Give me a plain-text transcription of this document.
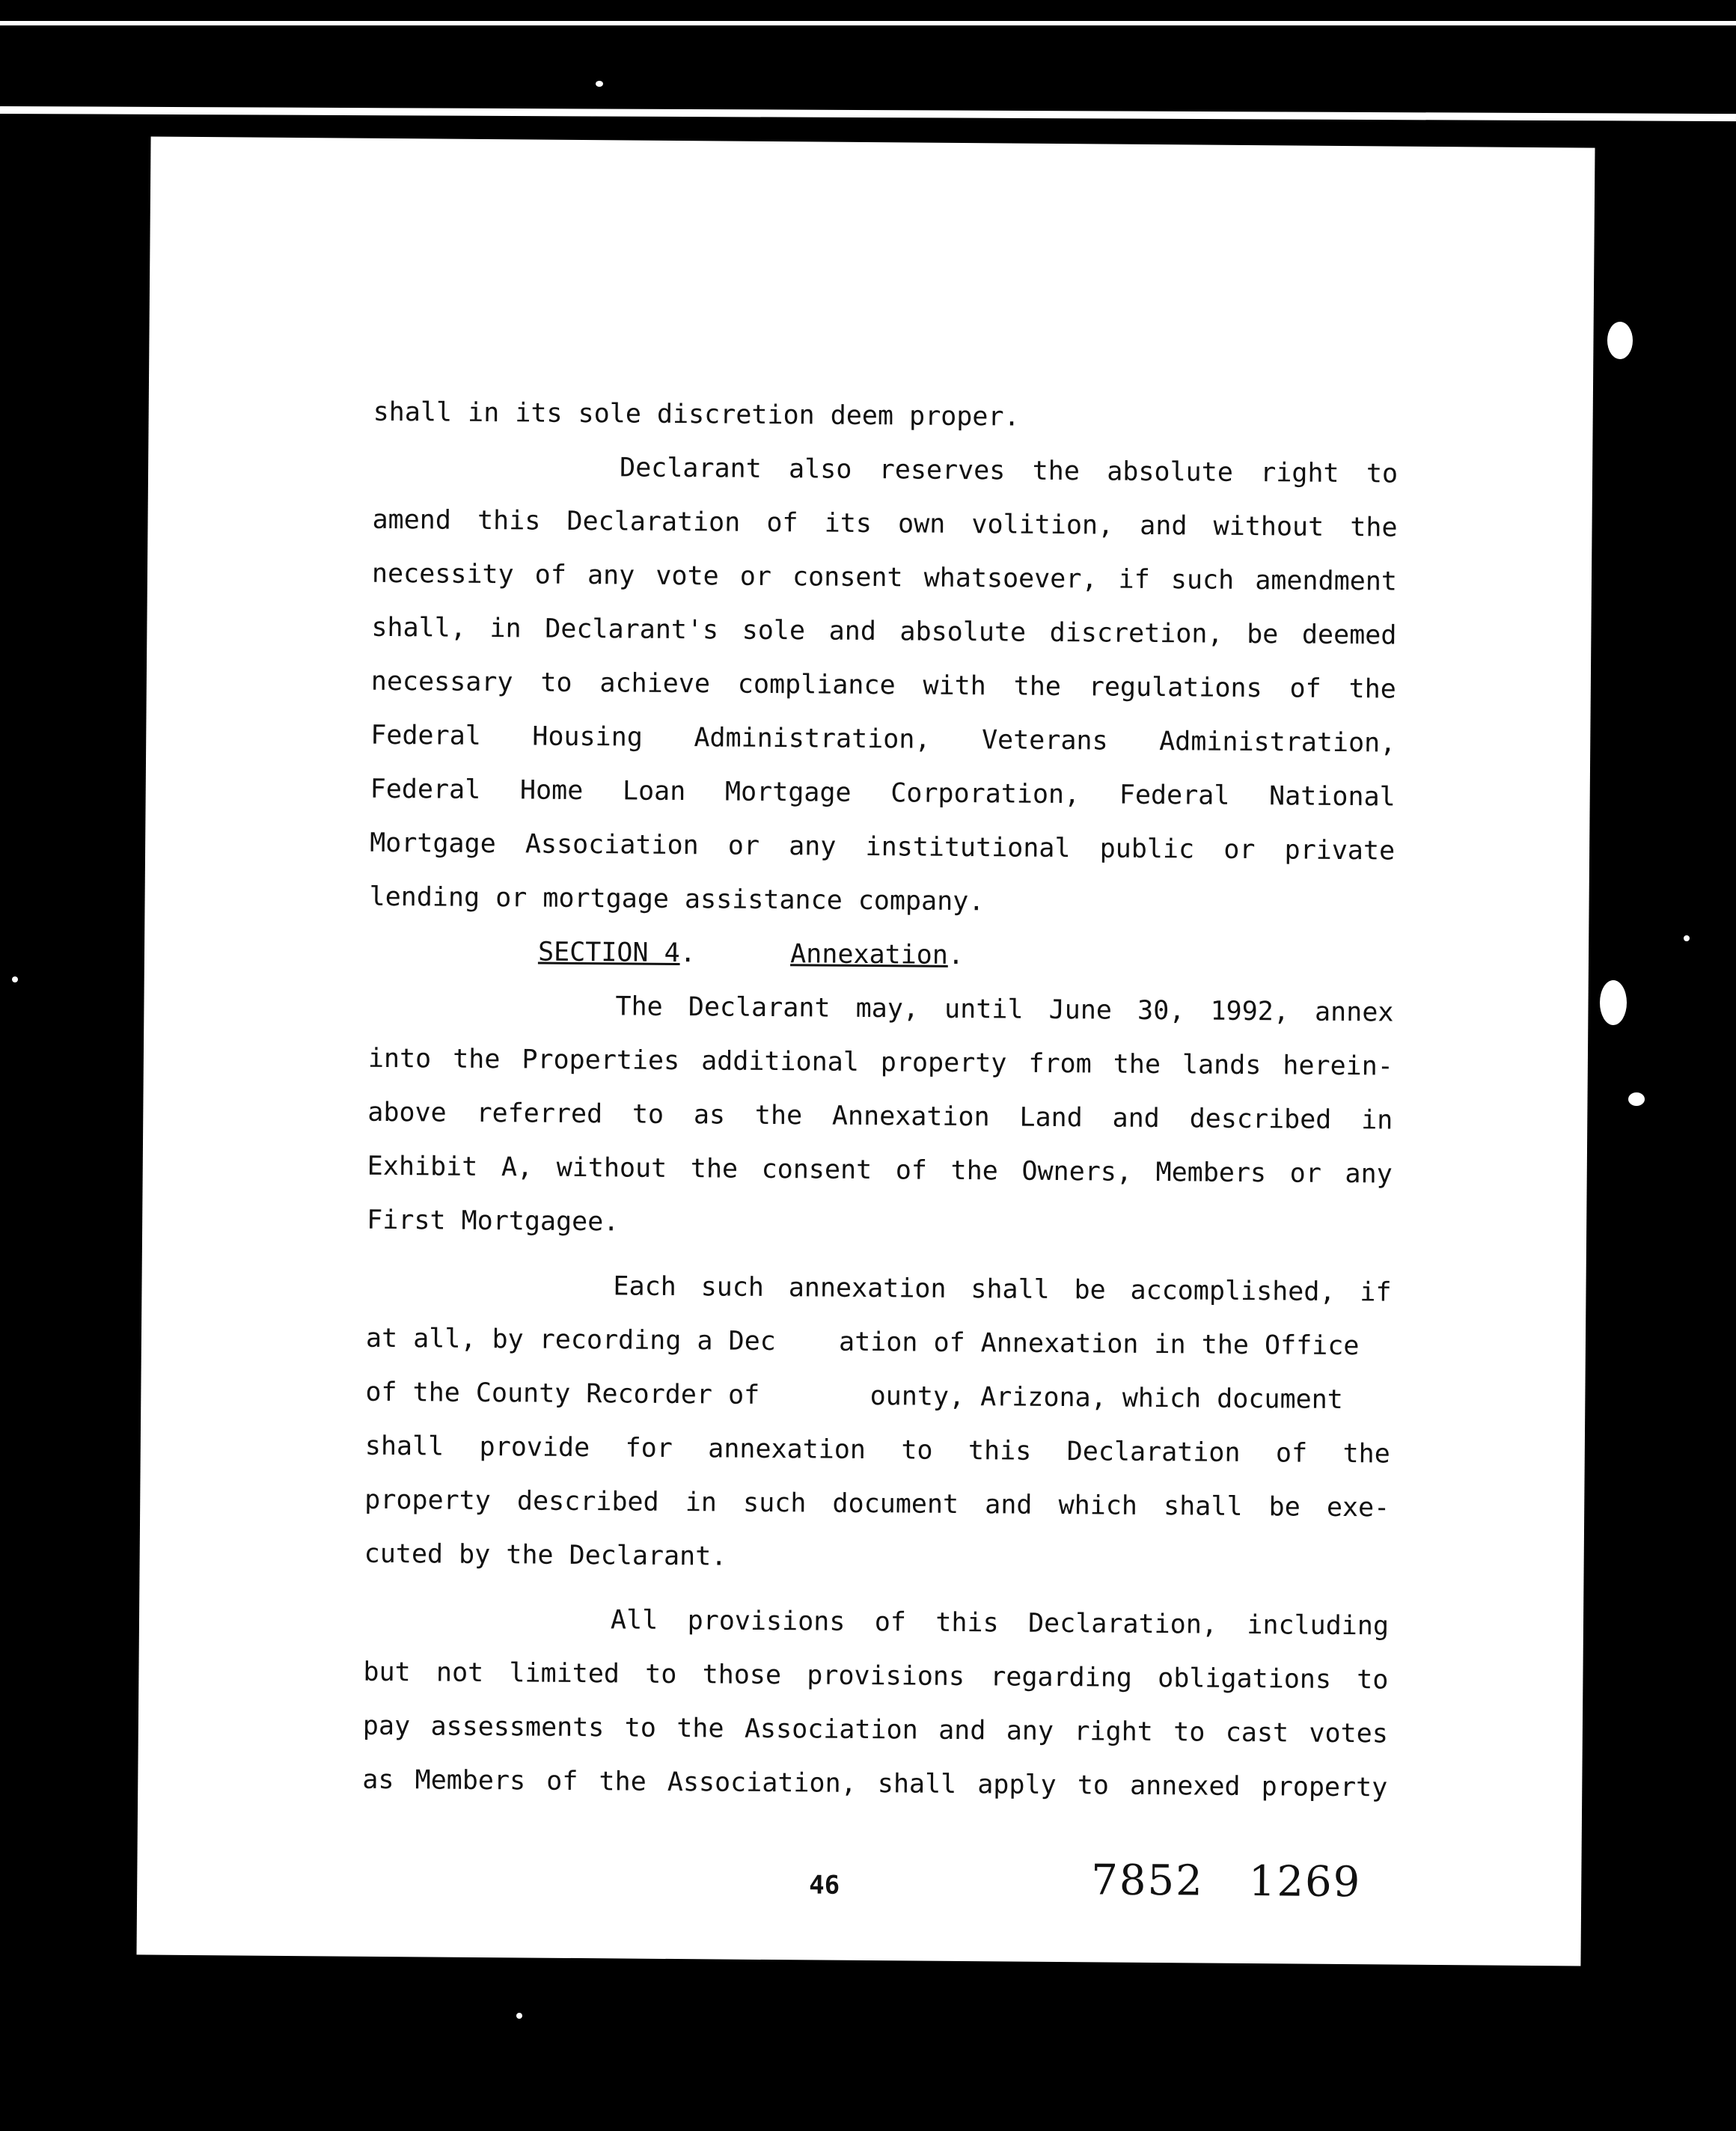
shall in its sole discretion deem proper.
Declarant also reserves the absolute right to
amend this Declaration of its own volition, and without the
necessity of any vote or consent whatsoever, if such amendment
shall, in Declarant's sole and absolute discretion, be deemed
necessary to achieve compliance with the regulations of the
Federal Housing Administration, Veterans Administration,
Federal Home Loan Mortgage Corporation, Federal National
Mortgage Association or any institutional public or private
lending or mortgage assistance company.
SECTION 4.      Annexation.
The Declarant may, until June 30, 1992, annex
into the Properties additional property from the lands herein-
above referred to as the Annexation Land and described in
Exhibit A, without the consent of the Owners, Members or any
First Mortgagee.
Each such annexation shall be accomplished, if
at all, by recording a Dec    ation of Annexation in the Office
of the County Recorder of       ounty, Arizona, which document
shall provide for annexation to this Declaration of the
property described in such document and which shall be exe-
cuted by the Declarant.
All provisions of this Declaration, including
but not limited to those provisions regarding obligations to
pay assessments to the Association and any right to cast votes
as Members of the Association, shall apply to annexed property
46	7852 1269
